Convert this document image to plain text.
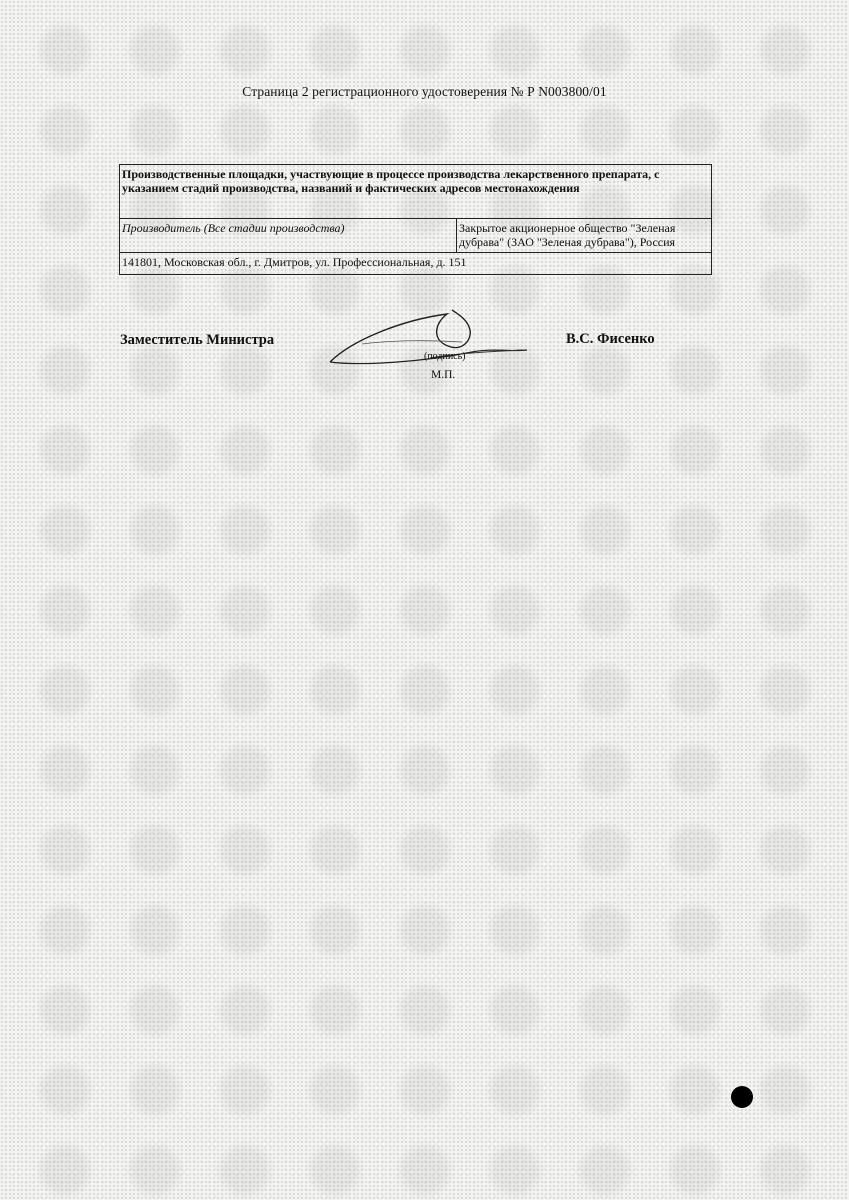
Страница 2 регистрационного удостоверения № Р N003800/01
Производственные площадки, участвующие в процессе производства лекарственного препарата, с указанием стадий производства, названий и фактических адресов местонахождения
Производитель (Все стадии производства)	Закрытое акционерное общество "Зеленая дубрава" (ЗАО "Зеленая дубрава"), Россия
141801, Московская обл., г. Дмитров, ул. Профессиональная, д. 151
Заместитель Министра
(подпись)
В.С. Фисенко
М.П.
